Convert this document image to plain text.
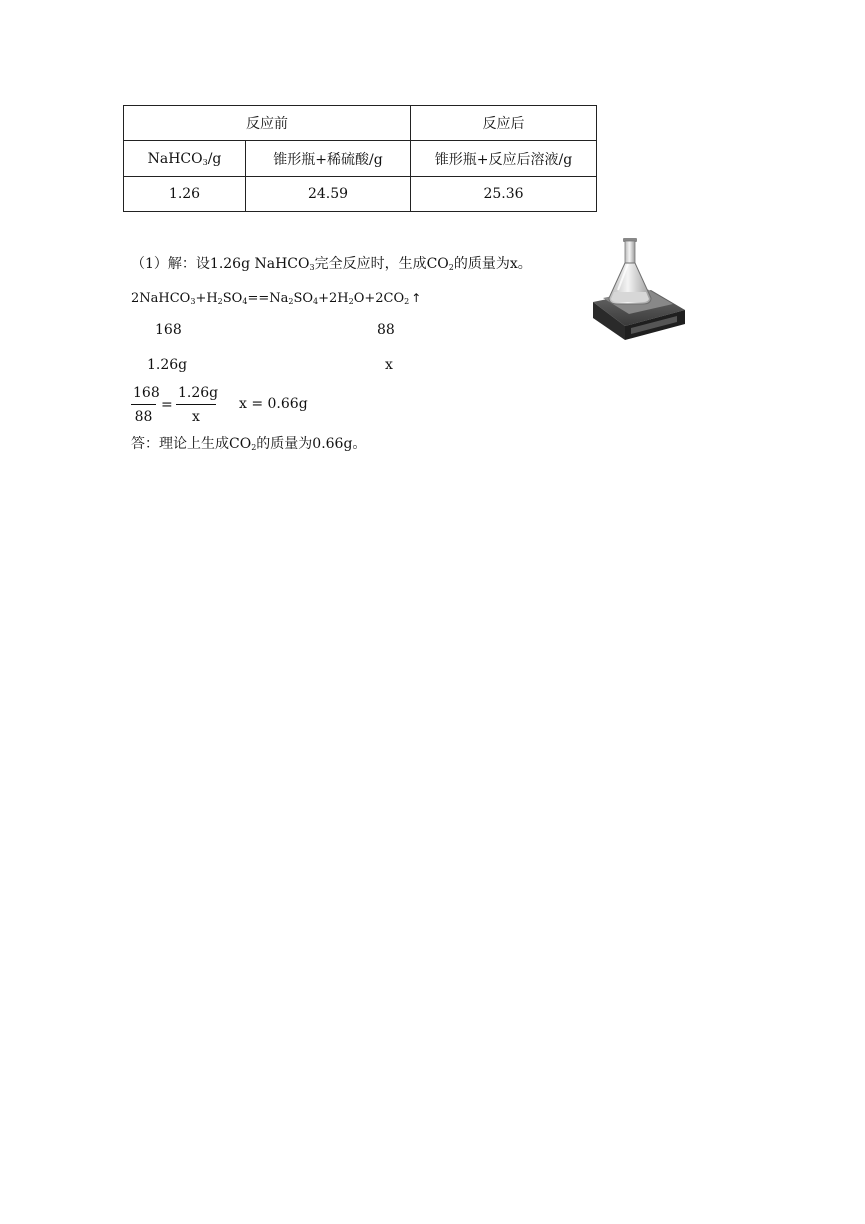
反应前		反应后
NaHCO$_3$/g	锥形瓶+稀硫酸/g	锥形瓶+反应后溶液/g
1.26	24.59	25.36
（1）解：设1.26g NaHCO$_3$完全反应时，生成$CO_2$的质量为x。
$2NaHCO_3+H_2SO_4==Na_2SO_4+2H_2O+2CO_2$ ↑
168	88
1.26g	x
$\frac{168}{88} = \frac{1.26g}{x}$ x = 0.66g
答：理论上生成$CO_2$的质量为0.66g。
